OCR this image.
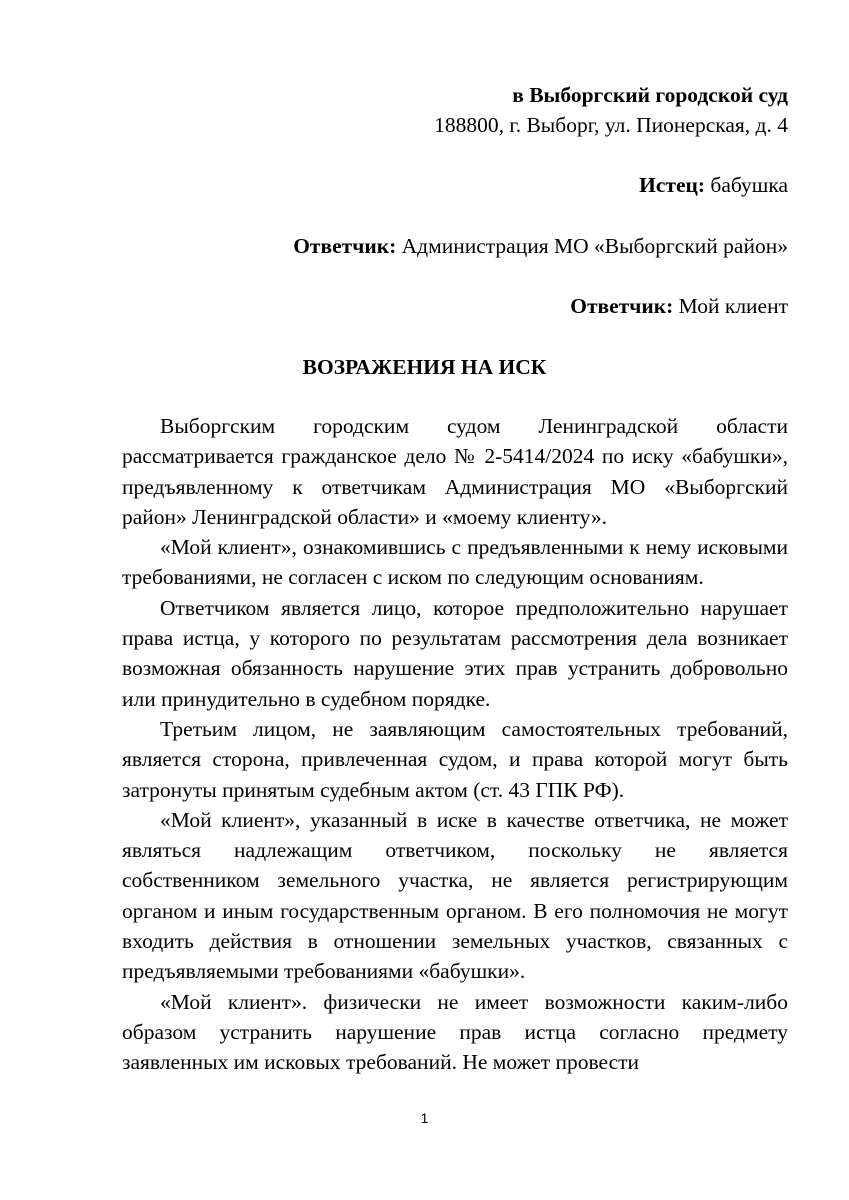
в Выборгский городской суд
188800, г. Выборг, ул. Пионерская, д. 4
Истец: бабушка
Ответчик: Администрация МО «Выборгский район»
Ответчик: Мой клиент
ВОЗРАЖЕНИЯ НА ИСК

Выборгским городским судом Ленинградской области рассматривается гражданское дело № 2-5414/2024 по иску «бабушки», предъявленному к ответчикам Администрация МО «Выборгский район» Ленинградской области» и «моему клиенту».

«Мой клиент», ознакомившись с предъявленными к нему исковыми требованиями, не согласен с иском по следующим основаниям.

Ответчиком является лицо, которое предположительно нарушает права истца, у которого по результатам рассмотрения дела возникает возможная обязанность нарушение этих прав устранить добровольно или принудительно в судебном порядке.

Третьим лицом, не заявляющим самостоятельных требований, является сторона, привлеченная судом, и права которой могут быть затронуты принятым судебным актом (ст. 43 ГПК РФ).

«Мой клиент», указанный в иске в качестве ответчика, не может являться надлежащим ответчиком, поскольку не является собственником земельного участка, не является регистрирующим органом и иным государственным органом. В его полномочия не могут входить действия в отношении земельных участков, связанных с предъявляемыми требованиями «бабушки».

«Мой клиент». физически не имеет возможности каким-либо образом устранить нарушение прав истца согласно предмету заявленных им исковых требований. Не может провести

1
